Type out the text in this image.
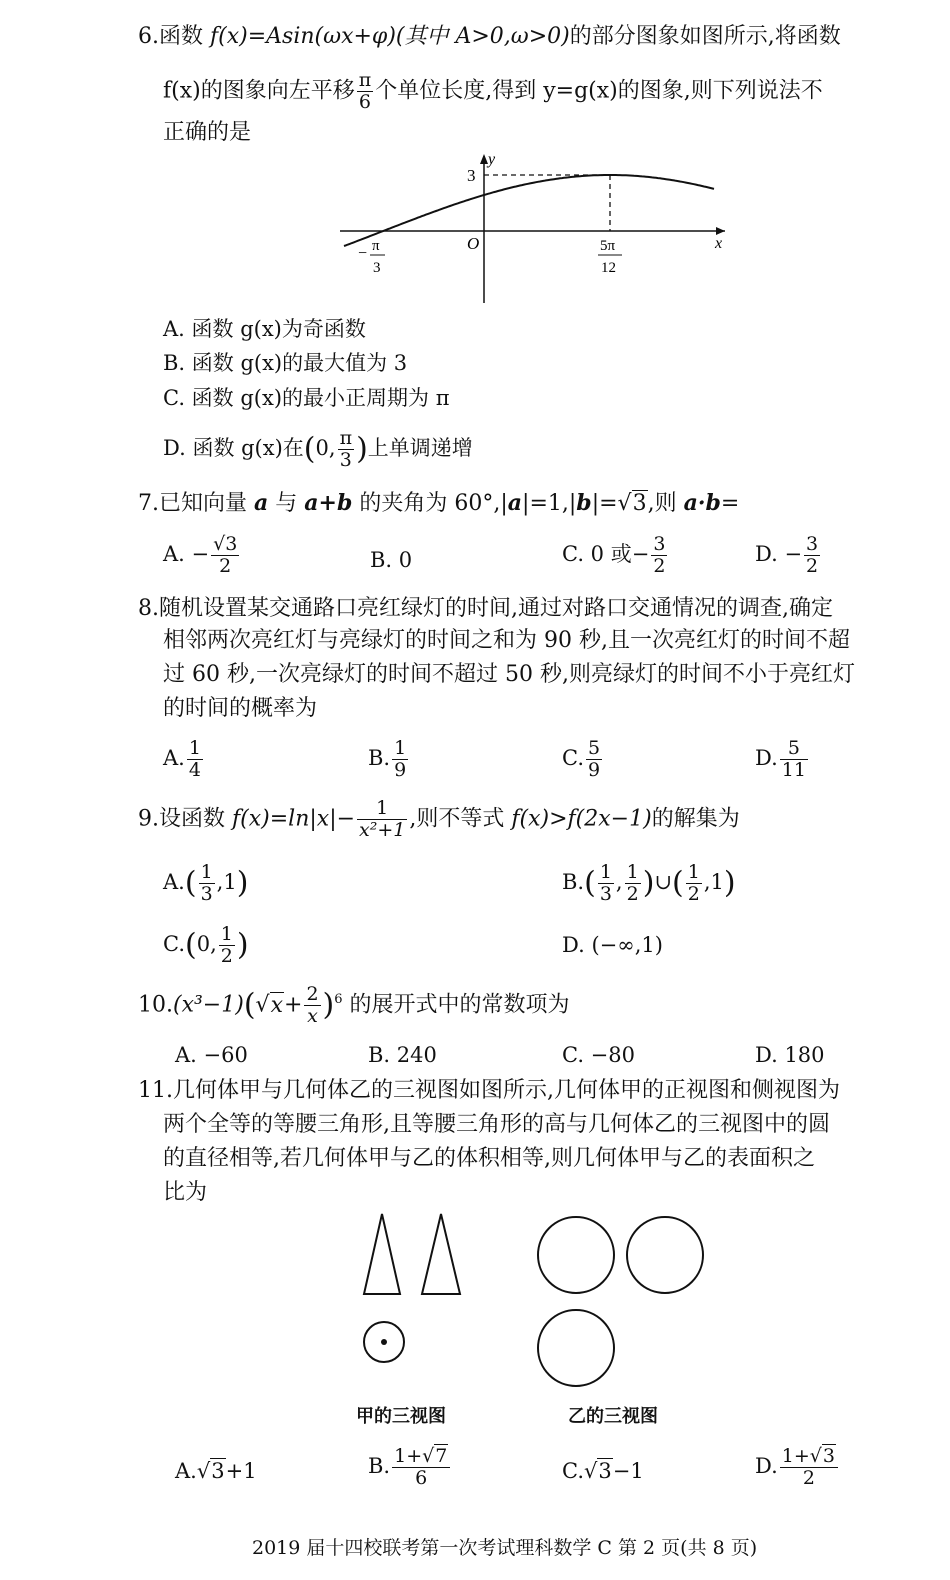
6.函数 f(x)=Asin(ωx+φ)(其中 A>0,ω>0)的部分图象如图所示,将函数
f(x)的图象向左平移 $\frac{\pi}{6}$ 个单位长度,得到 y=g(x)的图象,则下列说法不
正确的是
y
x
O
3
− π
3
5π
12
A. 函数 g(x)为奇函数
B. 函数 g(x)的最大值为 3
C. 函数 g(x)的最小正周期为 π
D. 函数 g(x)在(0, $\frac{\pi}{3}$ )上单调递增
7.已知向量 a 与 a+b 的夹角为 60°,|a|=1,|b|=√3,则 a·b=
A. − $\frac{√3}{2}$	B. 0	C. 0 或− $\frac{3}{2}$	D. − $\frac{3}{2}$
8.随机设置某交通路口亮红绿灯的时间,通过对路口交通情况的调查,确定
相邻两次亮红灯与亮绿灯的时间之和为 90 秒,且一次亮红灯的时间不超
过 60 秒,一次亮绿灯的时间不超过 50 秒,则亮绿灯的时间不小于亮红灯
的时间的概率为
A. $\frac{1}{4}$	B. $\frac{1}{9}$	C. $\frac{5}{9}$	D. $\frac{5}{11}$
9.设函数 $f(x)=\ln|x|- \frac{1}{\text{x²+1}}$ ,则不等式 f(x)>f(2x−1)的解集为
$A.( \frac{1}{3} ,1)$	$B.( \frac{1}{3}$ , $\frac{1}{2}$ )∪( $\frac{1}{2} ,1$)
C.(0, $\frac{1}{2}$ )	D. (−∞,1)
$10.(x^3-1)(√x+ \frac{2}{x} )^6$ 的展开式中的常数项为
A. −60	B. 240	C. −80	D. 180
11.几何体甲与几何体乙的三视图如图所示,几何体甲的正视图和侧视图为
两个全等的等腰三角形,且等腰三角形的高与几何体乙的三视图中的圆
的直径相等,若几何体甲与乙的体积相等,则几何体甲与乙的表面积之
比为
甲的三视图	乙的三视图
A.√3+1	B. $\frac{1+√7}{6}$	C.√3−1	D. $\frac{1+√3}{2}$
2019 届十四校联考第一次考试理科数学 C 第 2 页(共 8 页)
